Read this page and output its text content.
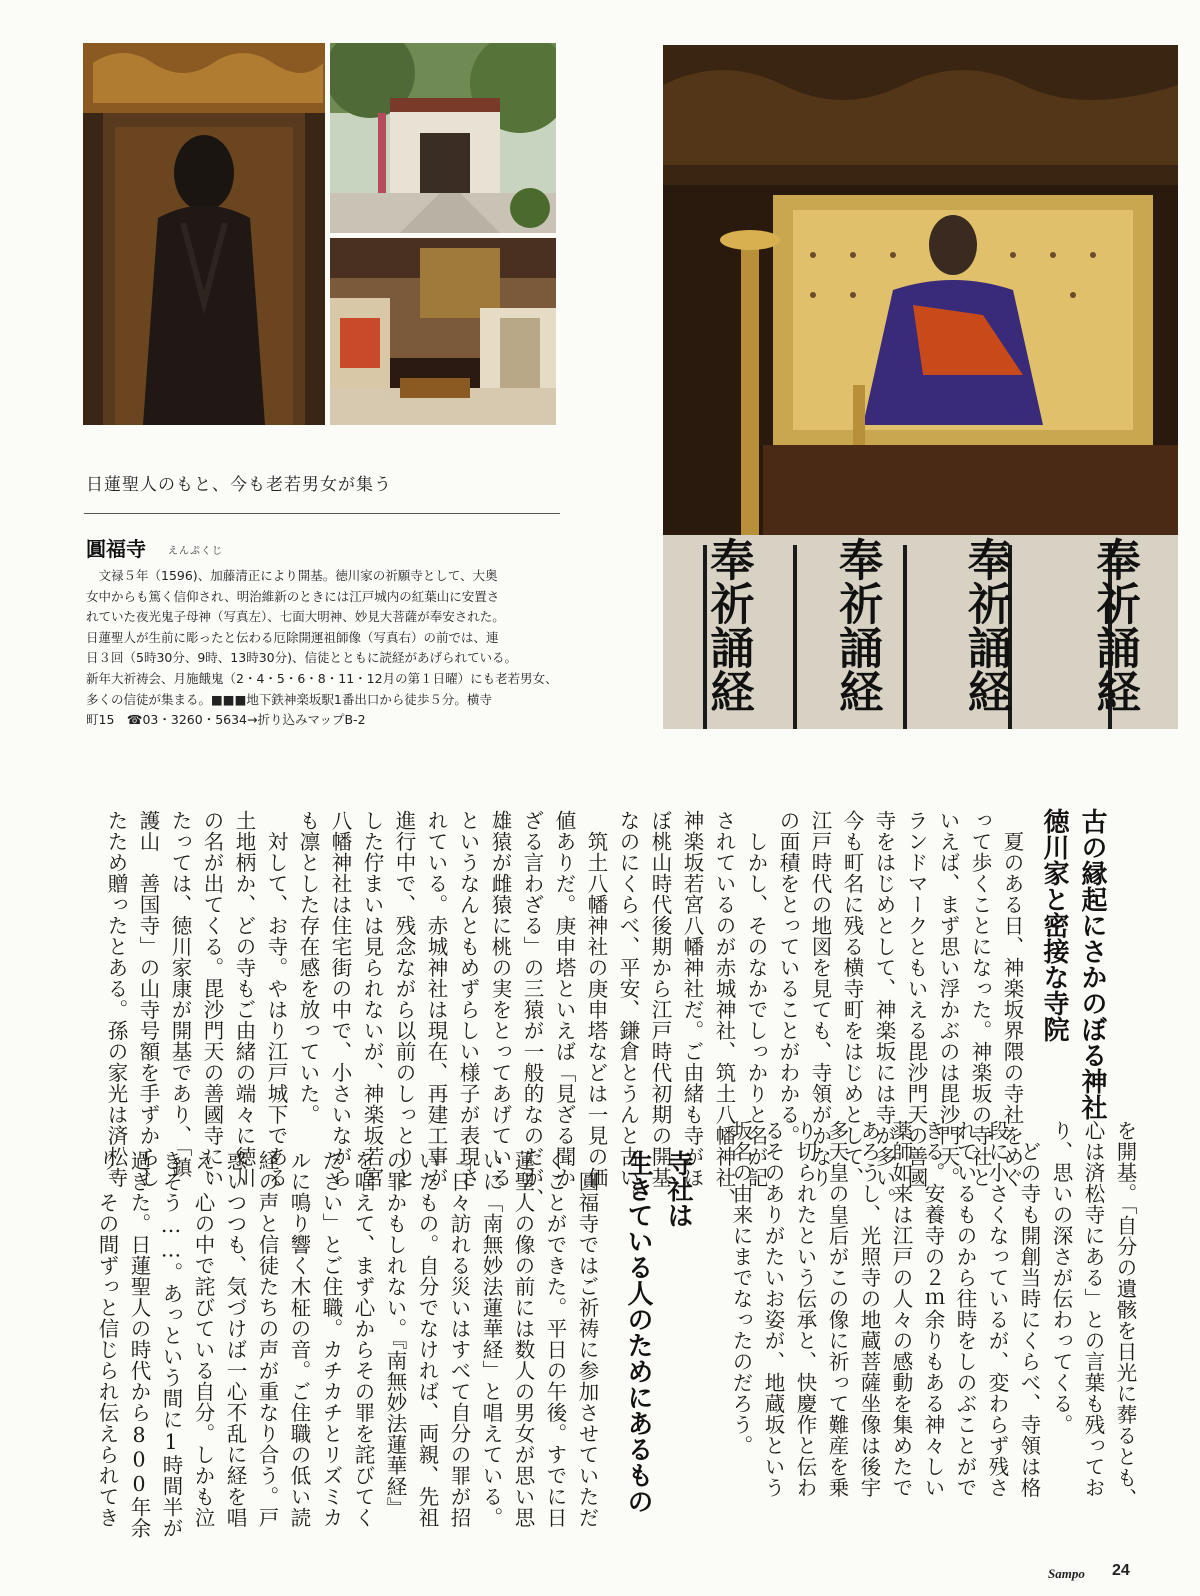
奉祈誦経
奉祈誦経
奉祈誦経
奉祈誦経
日蓮聖人のもと、今も老若男女が集う
圓福寺 えんぷくじ

　文禄５年（1596)、加藤清正により開基。徳川家の祈願寺として、大奥

女中からも篤く信仰され、明治維新のときには江戸城内の紅葉山に安置さ

れていた夜光鬼子母神（写真左）、七面大明神、妙見大菩薩が奉安された。

日蓮聖人が生前に彫ったと伝わる厄除開運祖師像（写真右）の前では、連

日３回（5時30分、9時、13時30分)、信徒とともに読経があげられている。

新年大祈祷会、月施餓鬼（2・4・5・6・8・11・12月の第１日曜）にも老若男女、

多くの信徒が集まる。■■■地下鉄神楽坂駅1番出口から徒歩５分。横寺

町15　☎03・3260・5634→折り込みマップB-2

古の縁起にさかのぼる神社
徳川家と密接な寺院
　夏のある日、神楽坂界隈の寺社をめぐ
って歩くことになった。神楽坂の寺社と
いえば、まず思い浮かぶのは毘沙門天。
ランドマークともいえる毘沙門天の善國
寺をはじめとして、神楽坂には寺が多い。
今も町名に残る横寺町をはじめとして、
江戸時代の地図を見ても、寺領がかなり
の面積をとっていることがわかる。
　しかし、そのなかでしっかりと名が記
されているのが赤城神社、筑土八幡神社、
神楽坂若宮八幡神社だ。ご由緒も寺がほ
ぼ桃山時代後期から江戸時代初期の開基
なのにくらべ、平安、鎌倉とうんと古い。
　筑土八幡神社の庚申塔などは一見の価
値ありだ。庚申塔といえば「見ざる聞か
ざる言わざる」の三猿が一般的なのだが、
雄猿が雌猿に桃の実をとってあげている
というなんともめずらしい様子が表現さ
れている。赤城神社は現在、再建工事が
進行中で、残念ながら以前のしっとりと
した佇まいは見られないが、神楽坂若宮
八幡神社は住宅街の中で、小さいながら
も凛とした存在感を放っていた。
　対して、お寺。やはり江戸城下である
土地柄か、どの寺もご由緒の端々に徳川
の名が出てくる。毘沙門天の善國寺にい
たっては、徳川家康が開基であり、「鎮
護山　善国寺」の山寺号額を手ずからし
たため贈ったとある。孫の家光は済松寺
を開基。「自分の遺骸を日光に葬るとも、
心は済松寺にある」との言葉も残ってお
り、思いの深さが伝わってくる。
　どの寺も開創当時にくらべ、寺領は格
段に小さくなっているが、変わらず残さ
れているものから往時をしのぶことがで
きる。安養寺の２ｍ余りもある神々しい
薬師如来は江戸の人々の感動を集めたで
あろうし、光照寺の地蔵菩薩坐像は後宇
多天皇の皇后がこの像に祈って難産を乗
り切られたという伝承と、快慶作と伝わ
るそのありがたいお姿が、地蔵坂という
坂名の由来にまでなったのだろう。
寺社は
生きている人のためにあるもの
　圓福寺ではご祈祷に参加させていただ
くことができた。平日の午後。すでに日
蓮聖人の像の前には数人の男女が思い思
いに「南無妙法蓮華経」と唱えている。
「日々訪れる災いはすべて自分の罪が招
いたもの。自分でなければ、両親、先祖
の罪かもしれない。『南無妙法蓮華経』
を唱えて、まず心からその罪を詫びてく
ださい」とご住職。カチカチとリズミカ
ルに鳴り響く木柾の音。ご住職の低い読
経の声と信徒たちの声が重なり合う。戸
惑いつつも、気づけば一心不乱に経を唱
え、心の中で詫びている自分。しかも泣
きそう……。あっという間に1時間半が
過ぎた。日蓮聖人の時代から800年余
り。その間ずっと信じられ伝えられてき
Sampo 24
